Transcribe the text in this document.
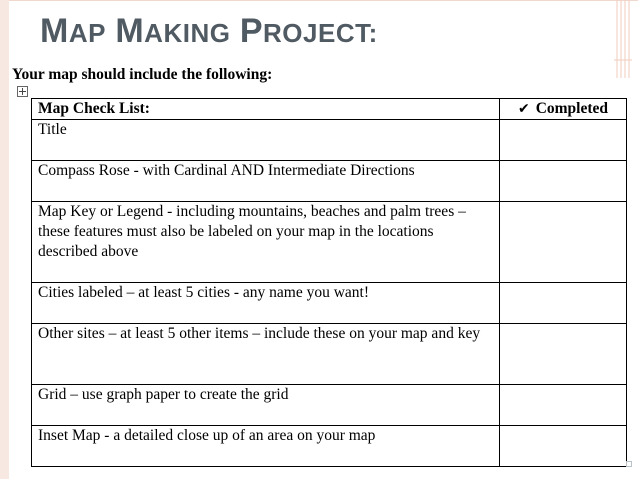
MAP MAKING PROJECT:
Your map should include the following:
Map Check List:	✔ Completed
Title	
Compass Rose - with Cardinal AND Intermediate Directions	
Map Key or Legend - including mountains, beaches and palm trees – these features must also be labeled on your map in the locations described above	
Cities labeled – at least 5 cities - any name you want!	
Other sites – at least 5 other items – include these on your map and key	
Grid – use graph paper to create the grid	
Inset Map - a detailed close up of an area on your map	
